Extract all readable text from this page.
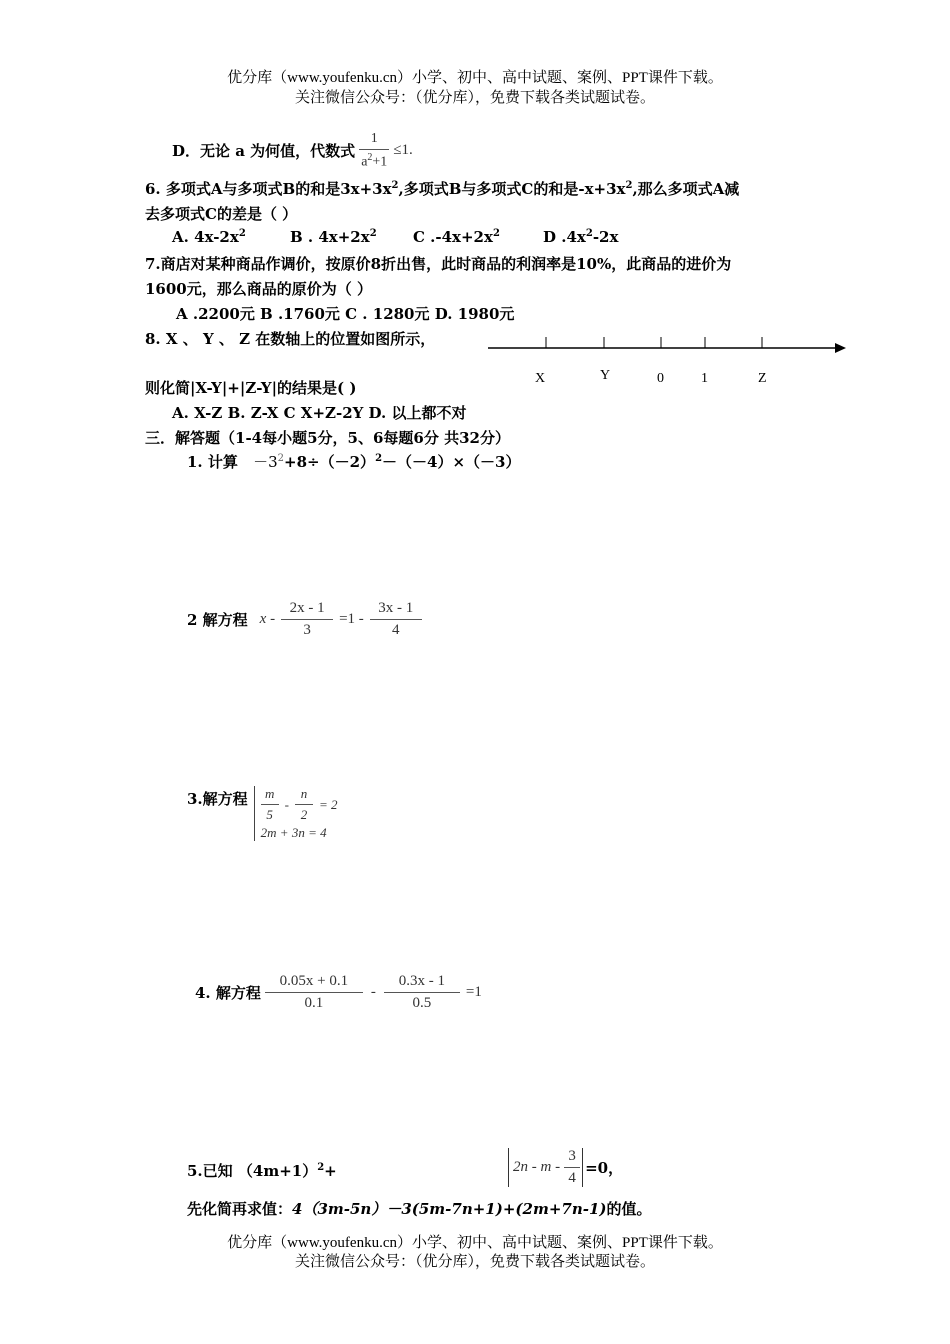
优分库（www.youfenku.cn）小学、初中、高中试题、案例、PPT课件下载。
关注微信公众号：（优分库），免费下载各类试题试卷。
D．无论 a 为何值，代数式 $\frac{1}{a^2+1} \le 1$.
6. 多项式A与多项式B的和是$3x+3x^2$,多项式B与多项式C的和是$-x+3x^2$,那么多项式A减
去多项式C的差是（ ）
A. $4x-2x^2$	B . $4x+2x^2$ C $.-4x+2x^2$	D $.4x^2-2x$
7.商店对某种商品作调价，按原价8折出售，此时商品的利润率是10%，此商品的进价为
1600元，那么商品的原价为（ ）
A .2200元 B .1760元 C . 1280元 D. 1980元
8. X 、 Y 、 Z 在数轴上的位置如图所示，
X	Y	0	1	Z
则化简|X-Y|+|Z-Y|的结果是( )
A. X-Z B. Z-X C X+Z-2Y D. 以上都不对
三．解答题（1-4每小题5分，5、6每题6分 共32分）
1. 计算 $-3^2+8\div(-2)^2-(-4)\times(-3)$
2 解方程 $x - \frac{2x - 1}{3} =1 - \frac{3x - 1}{4}$
3.解方程 $\frac{m}{5} - \frac{n}{2} = 2$
2m + 3n = 4
4. 解方程 $\frac{0.05x + 0.1}{0.1} - \frac{0.3x - 1}{0.5} =1$
5.已知 $(4m+1)^2+$	$2n - m - \frac{3}{4} =0$，
先化简再求值：4（3m-5n）－3(5m-7n+1)+(2m+7n-1)的值。
优分库（www.youfenku.cn）小学、初中、高中试题、案例、PPT课件下载。
关注微信公众号：（优分库），免费下载各类试题试卷。
